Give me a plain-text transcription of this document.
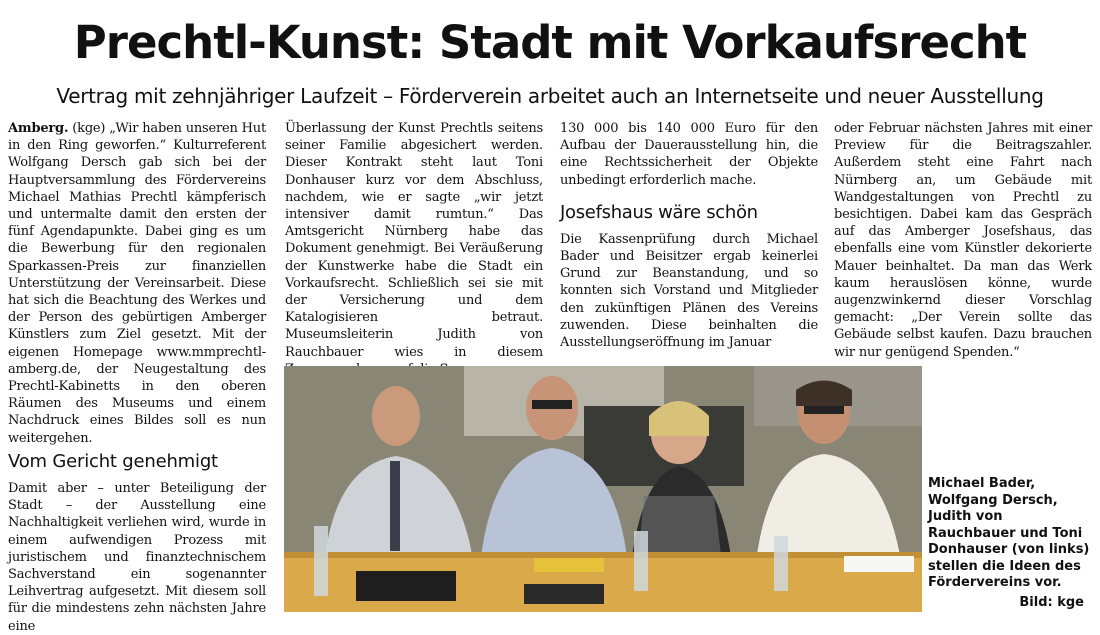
Prechtl-Kunst: Stadt mit Vorkaufsrecht
Vertrag mit zehnjähriger Laufzeit – Förderverein arbeitet auch an Internetseite und neuer Ausstellung

Amberg. (kge) „Wir haben unseren Hut in den Ring geworfen.“ Kulturreferent Wolfgang Dersch gab sich bei der Hauptversammlung des Fördervereins Michael Mathias Prechtl kämpferisch und untermalte damit den ersten der fünf Agendapunkte. Dabei ging es um die Bewerbung für den regionalen Sparkassen-Preis zur finanziellen Unterstützung der Vereinsarbeit. Diese hat sich die Beachtung des Werkes und der Person des gebürtigen Amberger Künstlers zum Ziel gesetzt. Mit der eigenen Homepage www.mmprechtl-amberg.de, der Neugestaltung des Prechtl-Kabinetts in den oberen Räumen des Museums und einem Nachdruck eines Bildes soll es nun weitergehen.

Vom Gericht genehmigt

Damit aber – unter Beteiligung der Stadt – der Ausstellung eine Nachhaltigkeit verliehen wird, wurde in einem aufwendigen Prozess mit juristischem und finanztechnischem Sachverstand ein sogenannter Leihvertrag aufgesetzt. Mit diesem soll für die mindestens zehn nächsten Jahre eine

Überlassung der Kunst Prechtls seitens seiner Familie abgesichert werden. Dieser Kontrakt steht laut Toni Donhauser kurz vor dem Abschluss, nachdem, wie er sagte „wir jetzt intensiver damit rumtun.“ Das Amtsgericht Nürnberg habe das Dokument genehmigt. Bei Veräußerung der Kunstwerke habe die Stadt ein Vorkaufsrecht. Schließlich sei sie mit der Versicherung und dem Katalogisieren betraut. Museumsleiterin Judith von Rauchbauer wies in diesem

130 000 bis 140 000 Euro für den Aufbau der Dauerausstellung hin, die eine Rechtssicherheit der Objekte unbedingt erforderlich mache.

Josefshaus wäre schön

Die Kassenprüfung durch Michael Bader und Beisitzer ergab keinerlei Grund zur Beanstandung, und so konnten sich Vorstand und Mitglieder den zukünftigen Plänen des Vereins zuwenden. Diese beinhalten die Ausstellungseröffnung im Januar

oder Februar nächsten Jahres mit einer Preview für die Beitragszahler. Außerdem steht eine Fahrt nach Nürnberg an, um Gebäude mit Wandgestaltungen von Prechtl zu besichtigen. Dabei kam das Gespräch auf das Amberger Josefshaus, das ebenfalls eine vom Künstler dekorierte Mauer beinhaltet. Da man das Werk kaum herauslösen könne, wurde augenzwinkernd dieser Vorschlag gemacht: „Der Verein sollte das Gebäude selbst kaufen. Dazu brauchen wir nur genügend Spenden.“

Michael Bader, Wolfgang Dersch, Judith von Rauchbauer und Toni Donhauser (von links) stellen die Ideen des Fördervereins vor.
Bild: kge
